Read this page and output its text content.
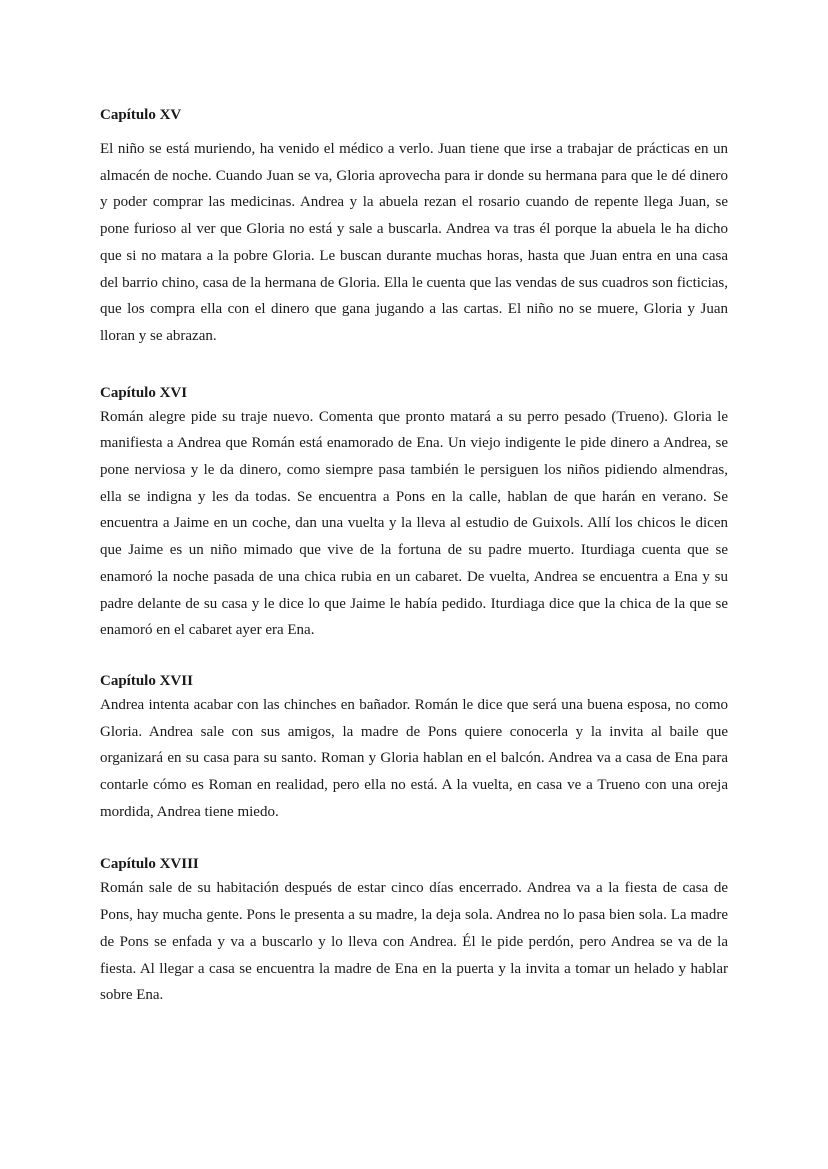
Capítulo XV

El niño se está muriendo, ha venido el médico a verlo. Juan tiene que irse a trabajar de prácticas en un almacén de noche. Cuando Juan se va, Gloria aprovecha para ir donde su hermana para que le dé dinero y poder comprar las medicinas. Andrea y la abuela rezan el rosario cuando de repente llega Juan, se pone furioso al ver que Gloria no está y sale a buscarla. Andrea va tras él porque la abuela le ha dicho que si no matara a la pobre Gloria. Le buscan durante muchas horas, hasta que Juan entra en una casa del barrio chino, casa de la hermana de Gloria. Ella le cuenta que las vendas de sus cuadros son ficticias, que los compra ella con el dinero que gana jugando a las cartas. El niño no se muere, Gloria y Juan lloran y se abrazan.

Capítulo XVI

Román alegre pide su traje nuevo. Comenta que pronto matará a su perro pesado (Trueno). Gloria le manifiesta a Andrea que Román está enamorado de Ena. Un viejo indigente le pide dinero a Andrea, se pone nerviosa y le da dinero, como siempre pasa también le persiguen los niños pidiendo almendras, ella se indigna y les da todas. Se encuentra a Pons en la calle, hablan de que harán en verano. Se encuentra a Jaime en un coche, dan una vuelta y la lleva al estudio de Guixols. Allí los chicos le dicen que Jaime es un niño mimado que vive de la fortuna de su padre muerto. Iturdiaga cuenta que se enamoró la noche pasada de una chica rubia en un cabaret. De vuelta, Andrea se encuentra a Ena y su padre delante de su casa y le dice lo que Jaime le había pedido. Iturdiaga dice que la chica de la que se enamoró en el cabaret ayer era Ena.

Capítulo XVII

Andrea intenta acabar con las chinches en bañador. Román le dice que será una buena esposa, no como Gloria. Andrea sale con sus amigos, la madre de Pons quiere conocerla y la invita al baile que organizará en su casa para su santo. Roman y Gloria hablan en el balcón. Andrea va a casa de Ena para contarle cómo es Roman en realidad, pero ella no está. A la vuelta, en casa ve a Trueno con una oreja mordida, Andrea tiene miedo.

Capítulo XVIII

Román sale de su habitación después de estar cinco días encerrado. Andrea va a la fiesta de casa de Pons, hay mucha gente. Pons le presenta a su madre, la deja sola. Andrea no lo pasa bien sola. La madre de Pons se enfada y va a buscarlo y lo lleva con Andrea. Él le pide perdón, pero Andrea se va de la fiesta. Al llegar a casa se encuentra la madre de Ena en la puerta y la invita a tomar un helado y hablar sobre Ena.
